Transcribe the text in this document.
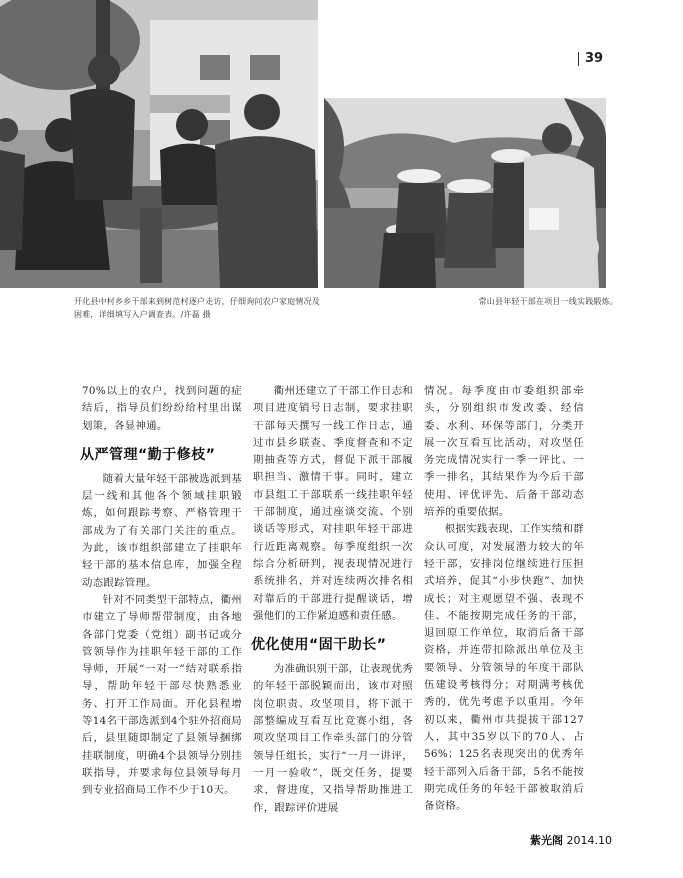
开化县中村乡乡干部来到树范村逐户走访，仔细询问农户家庭情况及困难，详细填写入户调查表。/许磊 摄
常山县年轻干部在项目一线实践锻炼。
39

70%以上的农户，找到问题的症结后，指导员们纷纷给村里出谋划策，各显神通。

从严管理“勤于修枝”

随着大量年轻干部被选派到基层一线和其他各个领域挂职锻炼，如何跟踪考察、严格管理干部成为了有关部门关注的重点。为此，该市组织部建立了挂职年轻干部的基本信息库，加强全程动态跟踪管理。

针对不同类型干部特点，衢州市建立了导师帮带制度，由各地各部门党委（党组）副书记或分管领导作为挂职年轻干部的工作导师，开展“一对一”结对联系指导，帮助年轻干部尽快熟悉业务、打开工作局面。开化县程增等14名干部选派到4个驻外招商局后，县里随即制定了县领导捆绑挂联制度，明确4个县领导分别挂联指导，并要求每位县领导每月到专业招商局工作不少于10天。

衢州还建立了干部工作日志和项目进度销号日志制，要求挂职干部每天撰写一线工作日志，通过市县乡联查、季度督查和不定期抽查等方式，督促下派干部履职担当、激情干事。同时，建立市县组工干部联系一线挂职年轻干部制度，通过座谈交流、个别谈话等形式，对挂职年轻干部进行近距离观察。每季度组织一次综合分析研判，视表现情况进行系统排名，并对连续两次排名相对靠后的干部进行提醒谈话，增强他们的工作紧迫感和责任感。

优化使用“固干助长”

为准确识别干部，让表现优秀的年轻干部脱颖而出，该市对照岗位职责、攻坚项目，将下派干部整编成互看互比竞赛小组，各项攻坚项目工作牵头部门的分管领导任组长，实行“一月一讲评，一月一验收”，既交任务，提要求，督进度，又指导帮助推进工作，跟踪评价进展

情况。每季度由市委组织部牵头，分别组织市发改委、经信委、水利、环保等部门，分类开展一次互看互比活动，对攻坚任务完成情况实行一季一评比、一季一排名，其结果作为今后干部使用、评优评先、后备干部动态培养的重要依据。

根据实践表现、工作实绩和群众认可度，对发展潜力较大的年轻干部，安排岗位继续进行压担式培养，促其“小步快跑”、加快成长；对主观愿望不强、表现不佳、不能按期完成任务的干部，退回原工作单位，取消后备干部资格，并连带扣除派出单位及主要领导、分管领导的年度干部队伍建设考核得分；对期满考核优秀的，优先考虑予以重用。今年初以来，衢州市共提拔干部127人，其中35岁以下的70人、占56%；125名表现突出的优秀年轻干部列入后备干部，5名不能按期完成任务的年轻干部被取消后备资格。

紫光阁 2014.10
